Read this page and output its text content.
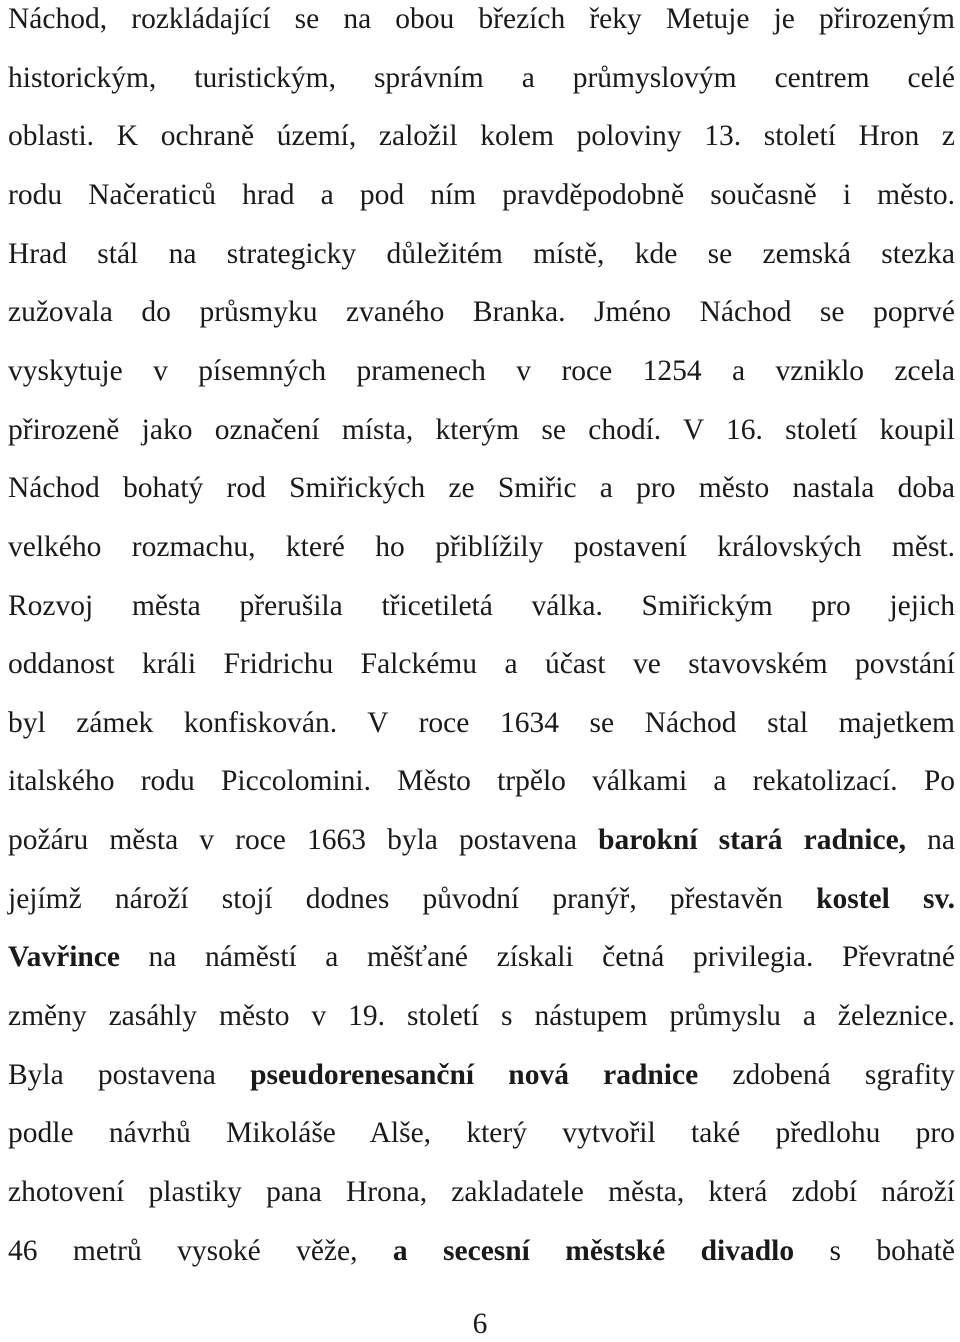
Náchod, rozkládající se na obou březích řeky Metuje je přirozeným
historickým, turistickým, správním a průmyslovým centrem celé
oblasti. K ochraně území, založil kolem poloviny 13. století Hron z
rodu Načeraticů hrad a pod ním pravděpodobně současně i město.
Hrad stál na strategicky důležitém místě, kde se zemská stezka
zužovala do průsmyku zvaného Branka. Jméno Náchod se poprvé
vyskytuje v písemných pramenech v roce 1254 a vzniklo zcela
přirozeně jako označení místa, kterým se chodí. V 16. století koupil
Náchod bohatý rod Smiřických ze Smiřic a pro město nastala doba
velkého rozmachu, které ho přiblížily postavení královských měst.
Rozvoj města přerušila třicetiletá válka. Smiřickým pro jejich
oddanost králi Fridrichu Falckému a účast ve stavovském povstání
byl zámek konfiskován. V roce 1634 se Náchod stal majetkem
italského rodu Piccolomini. Město trpělo válkami a rekatolizací. Po
požáru města v roce 1663 byla postavena barokní stará radnice, na
jejímž nároží stojí dodnes původní pranýř, přestavěn kostel sv.
Vavřince na náměstí a měšťané získali četná privilegia. Převratné
změny zasáhly město v 19. století s nástupem průmyslu a železnice.
Byla postavena pseudorenesanční nová radnice zdobená sgrafity
podle návrhů Mikoláše Alše, který vytvořil také předlohu pro
zhotovení plastiky pana Hrona, zakladatele města, která zdobí nároží
46 metrů vysoké věže, a secesní městské divadlo s bohatě
6
